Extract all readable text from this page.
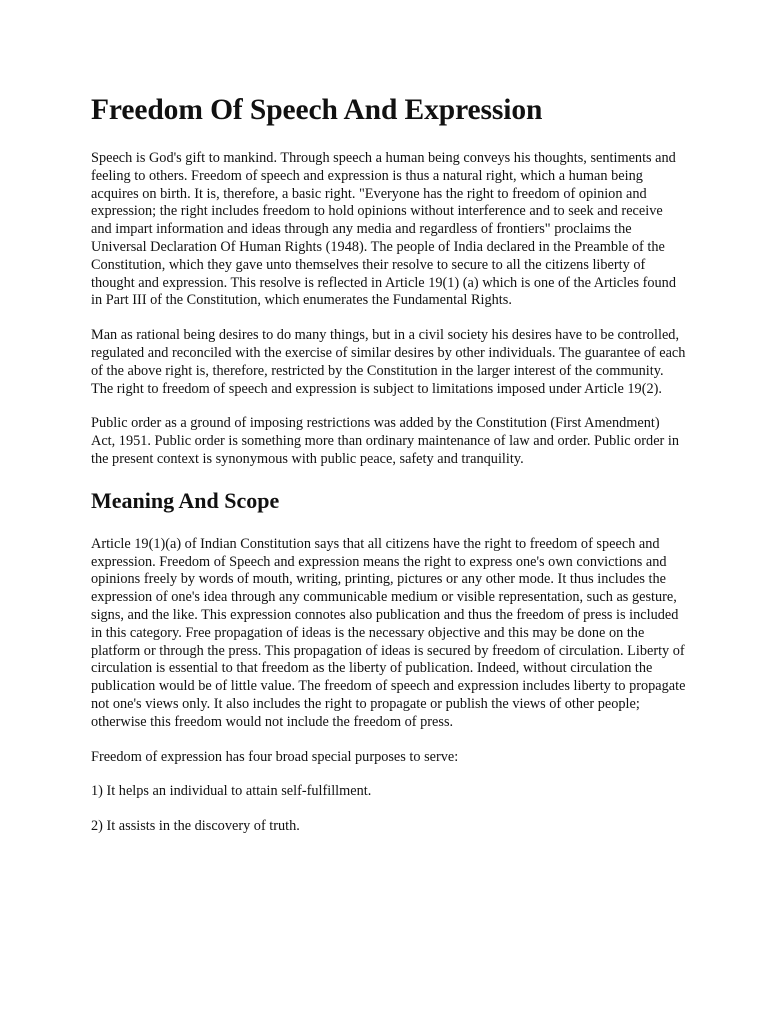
Freedom Of Speech And Expression

Speech is God's gift to mankind. Through speech a human being conveys his thoughts, sentiments and feeling to others. Freedom of speech and expression is thus a natural right, which a human being acquires on birth. It is, therefore, a basic right. "Everyone has the right to freedom of opinion and expression; the right includes freedom to hold opinions without interference and to seek and receive and impart information and ideas through any media and regardless of frontiers" proclaims the Universal Declaration Of Human Rights (1948). The people of India declared in the Preamble of the Constitution, which they gave unto themselves their resolve to secure to all the citizens liberty of thought and expression. This resolve is reflected in Article 19(1) (a) which is one of the Articles found in Part III of the Constitution, which enumerates the Fundamental Rights.

Man as rational being desires to do many things, but in a civil society his desires have to be controlled, regulated and reconciled with the exercise of similar desires by other individuals. The guarantee of each of the above right is, therefore, restricted by the Constitution in the larger interest of the community. The right to freedom of speech and expression is subject to limitations imposed under Article 19(2).

Public order as a ground of imposing restrictions was added by the Constitution (First Amendment) Act, 1951. Public order is something more than ordinary maintenance of law and order. Public order in the present context is synonymous with public peace, safety and tranquility.

Meaning And Scope

Article 19(1)(a) of Indian Constitution says that all citizens have the right to freedom of speech and expression. Freedom of Speech and expression means the right to express one's own convictions and opinions freely by words of mouth, writing, printing, pictures or any other mode. It thus includes the expression of one's idea through any communicable medium or visible representation, such as gesture, signs, and the like. This expression connotes also publication and thus the freedom of press is included in this category. Free propagation of ideas is the necessary objective and this may be done on the platform or through the press. This propagation of ideas is secured by freedom of circulation. Liberty of circulation is essential to that freedom as the liberty of publication. Indeed, without circulation the publication would be of little value. The freedom of speech and expression includes liberty to propagate not one's views only. It also includes the right to propagate or publish the views of other people; otherwise this freedom would not include the freedom of press.

Freedom of expression has four broad special purposes to serve:

1) It helps an individual to attain self-fulfillment.

2) It assists in the discovery of truth.
